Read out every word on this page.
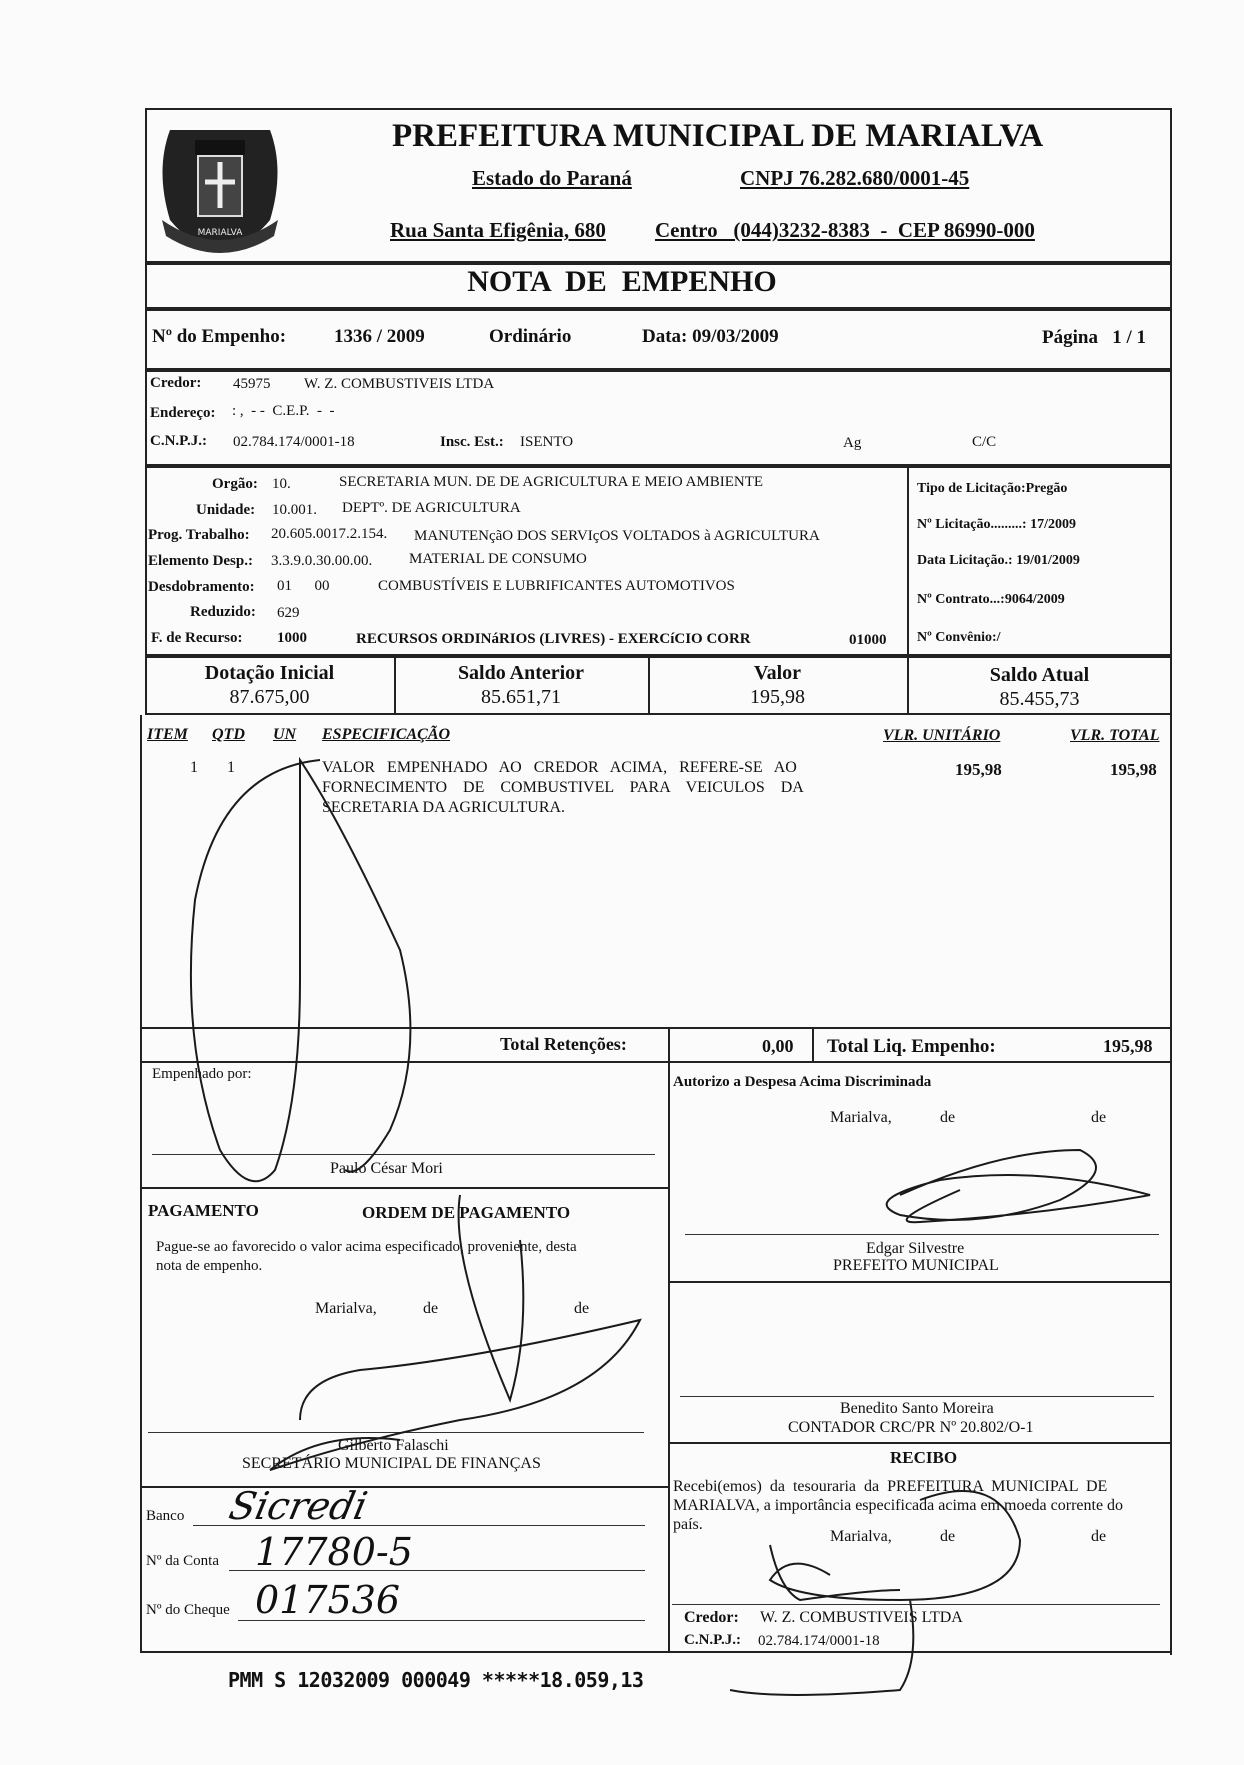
MARIALVA
PREFEITURA MUNICIPAL DE MARIALVA
Estado do Paraná	CNPJ 76.282.680/0001-45
Rua Santa Efigênia, 680 Centro   (044)3232-8383  -  CEP 86990-000
NOTA  DE  EMPENHO
Nº do Empenho:	1336 / 2009	Ordinário	Data: 09/03/2009	Página   1 / 1
Credor: 45975 W. Z. COMBUSTIVEIS LTDA
Endereço: : ,  - -  C.E.P.  -  -
C.N.P.J.: 02.784.174/0001-18	Insc. Est.: ISENTO	Ag	C/C
Orgão: 10.	SECRETARIA MUN. DE DE AGRICULTURA E MEIO AMBIENTE
Unidade: 10.001. DEPTº. DE AGRICULTURA
Prog. Trabalho: 20.605.0017.2.154. MANUTENçãO DOS SERVIçOS VOLTADOS à AGRICULTURA
Elemento Desp.: 3.3.9.0.30.00.00. MATERIAL DE CONSUMO
Desdobramento: 01      00	COMBUSTÍVEIS E LUBRIFICANTES AUTOMOTIVOS
Reduzido: 629
F. de Recurso: 1000	RECURSOS ORDINáRIOS (LIVRES) - EXERCíCIO CORR	01000
Tipo de Licitação:Pregão
Nº Licitação.........: 17/2009
Data Licitação.: 19/01/2009
Nº Contrato...:9064/2009
Nº Convênio:/
Dotação Inicial
87.675,00
Saldo Anterior
85.651,71
Valor
195,98
Saldo Atual
85.455,73
ITEM QTD UN ESPECIFICAÇÃO	VLR. UNITÁRIO	VLR. TOTAL
1 1	VALOR   EMPENHADO   AO   CREDOR   ACIMA,   REFERE-SE   AO
FORNECIMENTO    DE    COMBUSTIVEL    PARA    VEICULOS    DA
SECRETARIA DA AGRICULTURA.
195,98	195,98
Total Retenções:	0,00 Total Liq. Empenho:	195,98
Empenhado por:
Paulo César Mori
Autorizo a Despesa Acima Discriminada
Marialva,	de	de
Edgar Silvestre
PREFEITO MUNICIPAL
PAGAMENTO	ORDEM DE PAGAMENTO
Pague-se ao favorecido o valor acima especificado, proveniente, desta
nota de empenho.
Marialva,	de	de
Gilberto Falaschi
SECRETÁRIO MUNICIPAL DE FINANÇAS
Benedito Santo Moreira
CONTADOR CRC/PR Nº 20.802/O-1
Banco Sicredi
Nº da Conta 17780-5
Nº do Cheque 017536
RECIBO
Recebi(emos)  da  tesouraria  da  PREFEITURA  MUNICIPAL  DE
MARIALVA, a importância especificada acima em moeda corrente do
país.
Marialva,	de	de
Credor: W. Z. COMBUSTIVEIS LTDA
C.N.P.J.: 02.784.174/0001-18
PMM S 12032009 000049 *****18.059,13
